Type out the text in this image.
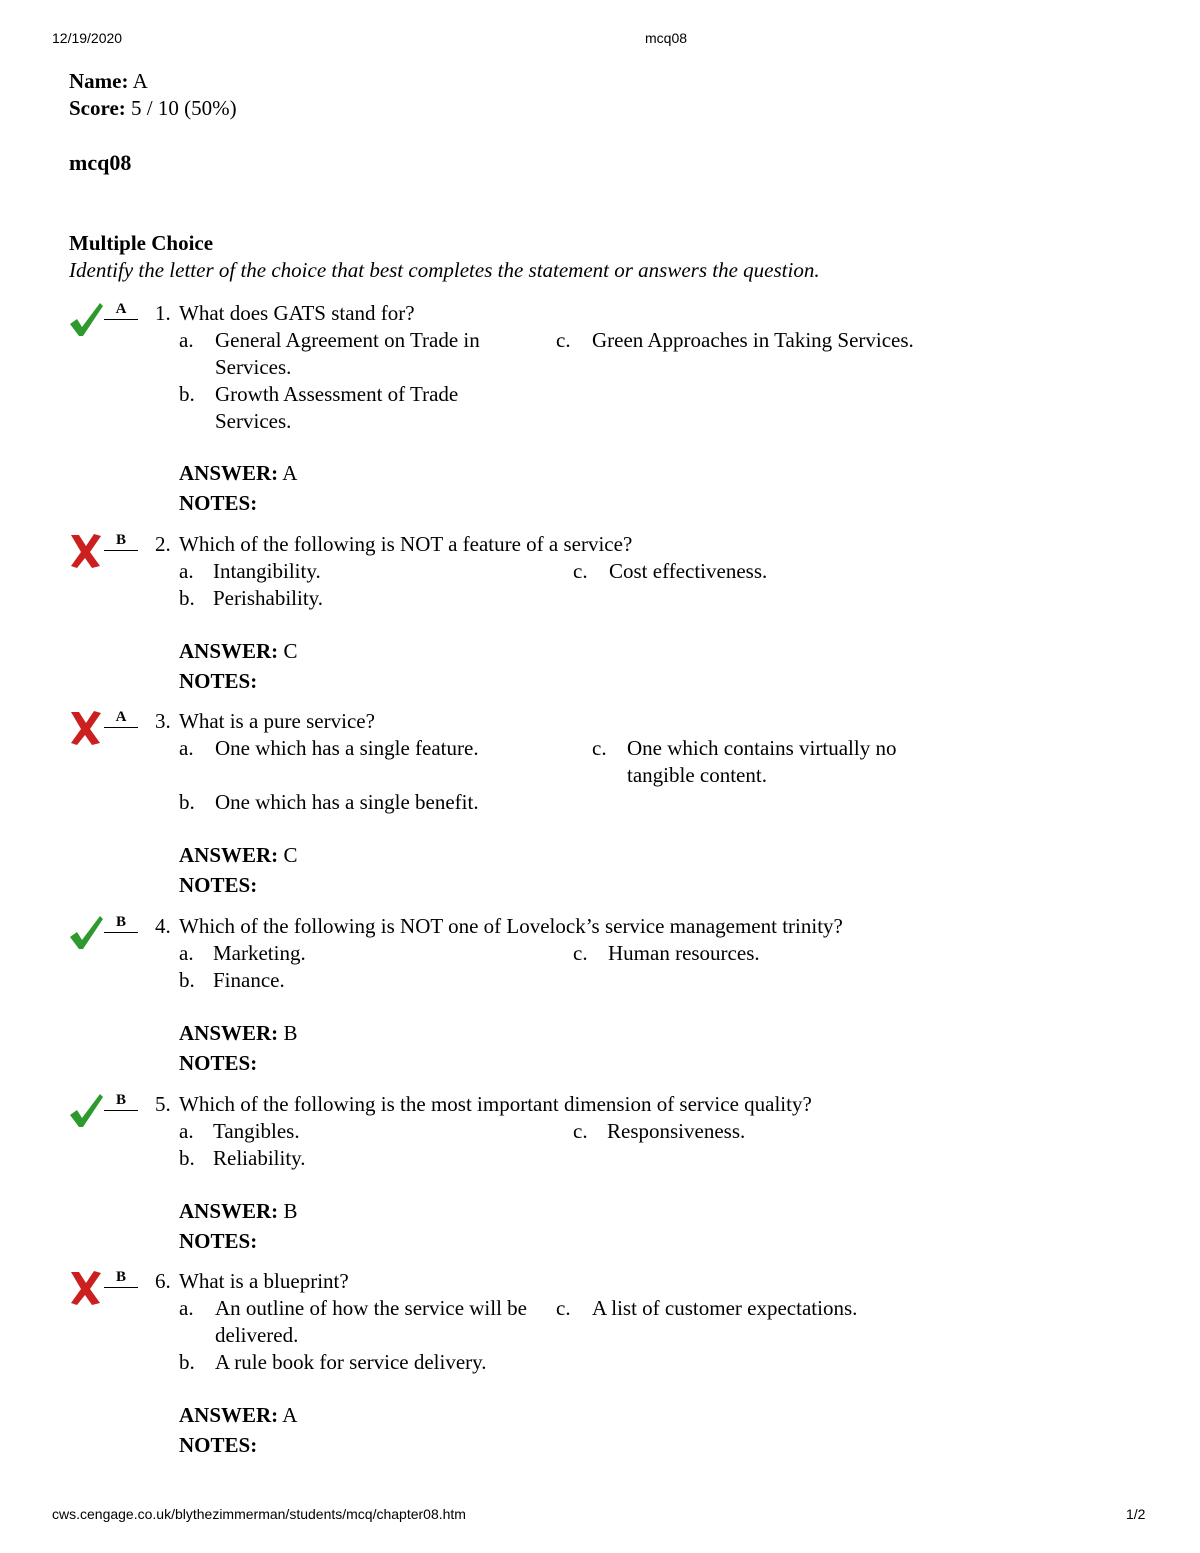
12/19/2020	mcq08
Name: A
Score: 5 / 10 (50%)
mcq08
Multiple Choice
Identify the letter of the choice that best completes the statement or answers the question.
A	1. What does GATS stand for?
a. General Agreement on Trade in Services.
b. Growth Assessment of Trade Services.
c. Green Approaches in Taking Services.
ANSWER: A
NOTES:
B	2. Which of the following is NOT a feature of a service?
a. Intangibility.
b. Perishability.
c. Cost effectiveness.
ANSWER: C
NOTES:
A	3. What is a pure service?
a. One which has a single feature.
b. One which has a single benefit.
c. One which contains virtually no tangible content.
ANSWER: C
NOTES:
B	4. Which of the following is NOT one of Lovelock’s service management trinity?
a. Marketing.
b. Finance.
c. Human resources.
ANSWER: B
NOTES:
B	5. Which of the following is the most important dimension of service quality?
a. Tangibles.
b. Reliability.
c. Responsiveness.
ANSWER: B
NOTES:
B	6. What is a blueprint?
a. An outline of how the service will be delivered.
b. A rule book for service delivery.
c. A list of customer expectations.
ANSWER: A
NOTES:
cws.cengage.co.uk/blythezimmerman/students/mcq/chapter08.htm	1/2
